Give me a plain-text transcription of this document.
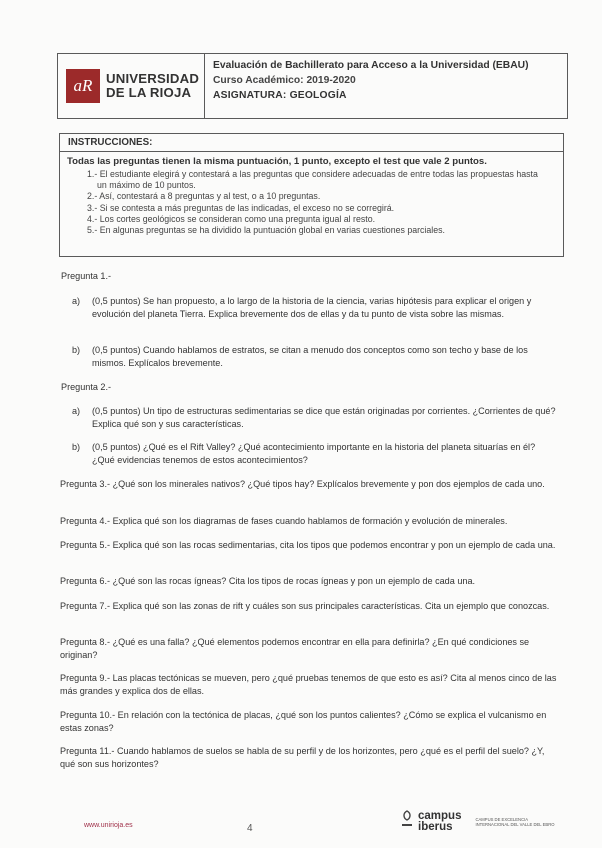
aR	UNIVERSIDAD
DE LA RIOJA
Evaluación de Bachillerato para Acceso a la Universidad (EBAU)
Curso Académico: 2019-2020
ASIGNATURA: GEOLOGÍA
INSTRUCCIONES:
Todas las preguntas tienen la misma puntuación, 1 punto, excepto el test que vale 2 puntos.
1.- El estudiante elegirá y contestará a las preguntas que considere adecuadas de entre todas las propuestas hasta un máximo de 10 puntos.
2.- Así, contestará a 8 preguntas y al test, o a 10 preguntas.
3.- Si se contesta a más preguntas de las indicadas, el exceso no se corregirá.
4.- Los cortes geológicos se consideran como una pregunta igual al resto.
5.- En algunas preguntas se ha dividido la puntuación global en varias cuestiones parciales.
Pregunta 1.-
a)	(0,5 puntos) Se han propuesto, a lo largo de la historia de la ciencia, varias hipótesis para explicar el origen y evolución del planeta Tierra. Explica brevemente dos de ellas y da tu punto de vista sobre las mismas.
b)	(0,5 puntos) Cuando hablamos de estratos, se citan a menudo dos conceptos como son techo y base de los mismos. Explícalos brevemente.
Pregunta 2.-
a)	(0,5 puntos) Un tipo de estructuras sedimentarias se dice que están originadas por corrientes. ¿Corrientes de qué? Explica qué son y sus características.
b)	(0,5 puntos) ¿Qué es el Rift Valley? ¿Qué acontecimiento importante en la historia del planeta situarías en él? ¿Qué evidencias tenemos de estos acontecimientos?
Pregunta 3.- ¿Qué son los minerales nativos? ¿Qué tipos hay? Explícalos brevemente y pon dos ejemplos de cada uno.
Pregunta 4.- Explica qué son los diagramas de fases cuando hablamos de formación y evolución de minerales.
Pregunta 5.- Explica qué son las rocas sedimentarias, cita los tipos que podemos encontrar y pon un ejemplo de cada una.
Pregunta 6.- ¿Qué son las rocas ígneas? Cita los tipos de rocas ígneas y pon un ejemplo de cada una.
Pregunta 7.- Explica qué son las zonas de rift y cuáles son sus principales características. Cita un ejemplo que conozcas.
Pregunta 8.- ¿Qué es una falla? ¿Qué elementos podemos encontrar en ella para definirla? ¿En qué condiciones se originan?
Pregunta 9.- Las placas tectónicas se mueven, pero ¿qué pruebas tenemos de que esto es así? Cita al menos cinco de las más grandes y explica dos de ellas.
Pregunta 10.- En relación con la tectónica de placas, ¿qué son los puntos calientes? ¿Cómo se explica el vulcanismo en estas zonas?
Pregunta 11.- Cuando hablamos de suelos se habla de su perfil y de los horizontes, pero ¿qué es el perfil del suelo? ¿Y, qué son sus horizontes?
www.unirioja.es	4
campus
iberus
CAMPUS DE EXCELENCIA INTERNACIONAL DEL VALLE DEL EBRO
